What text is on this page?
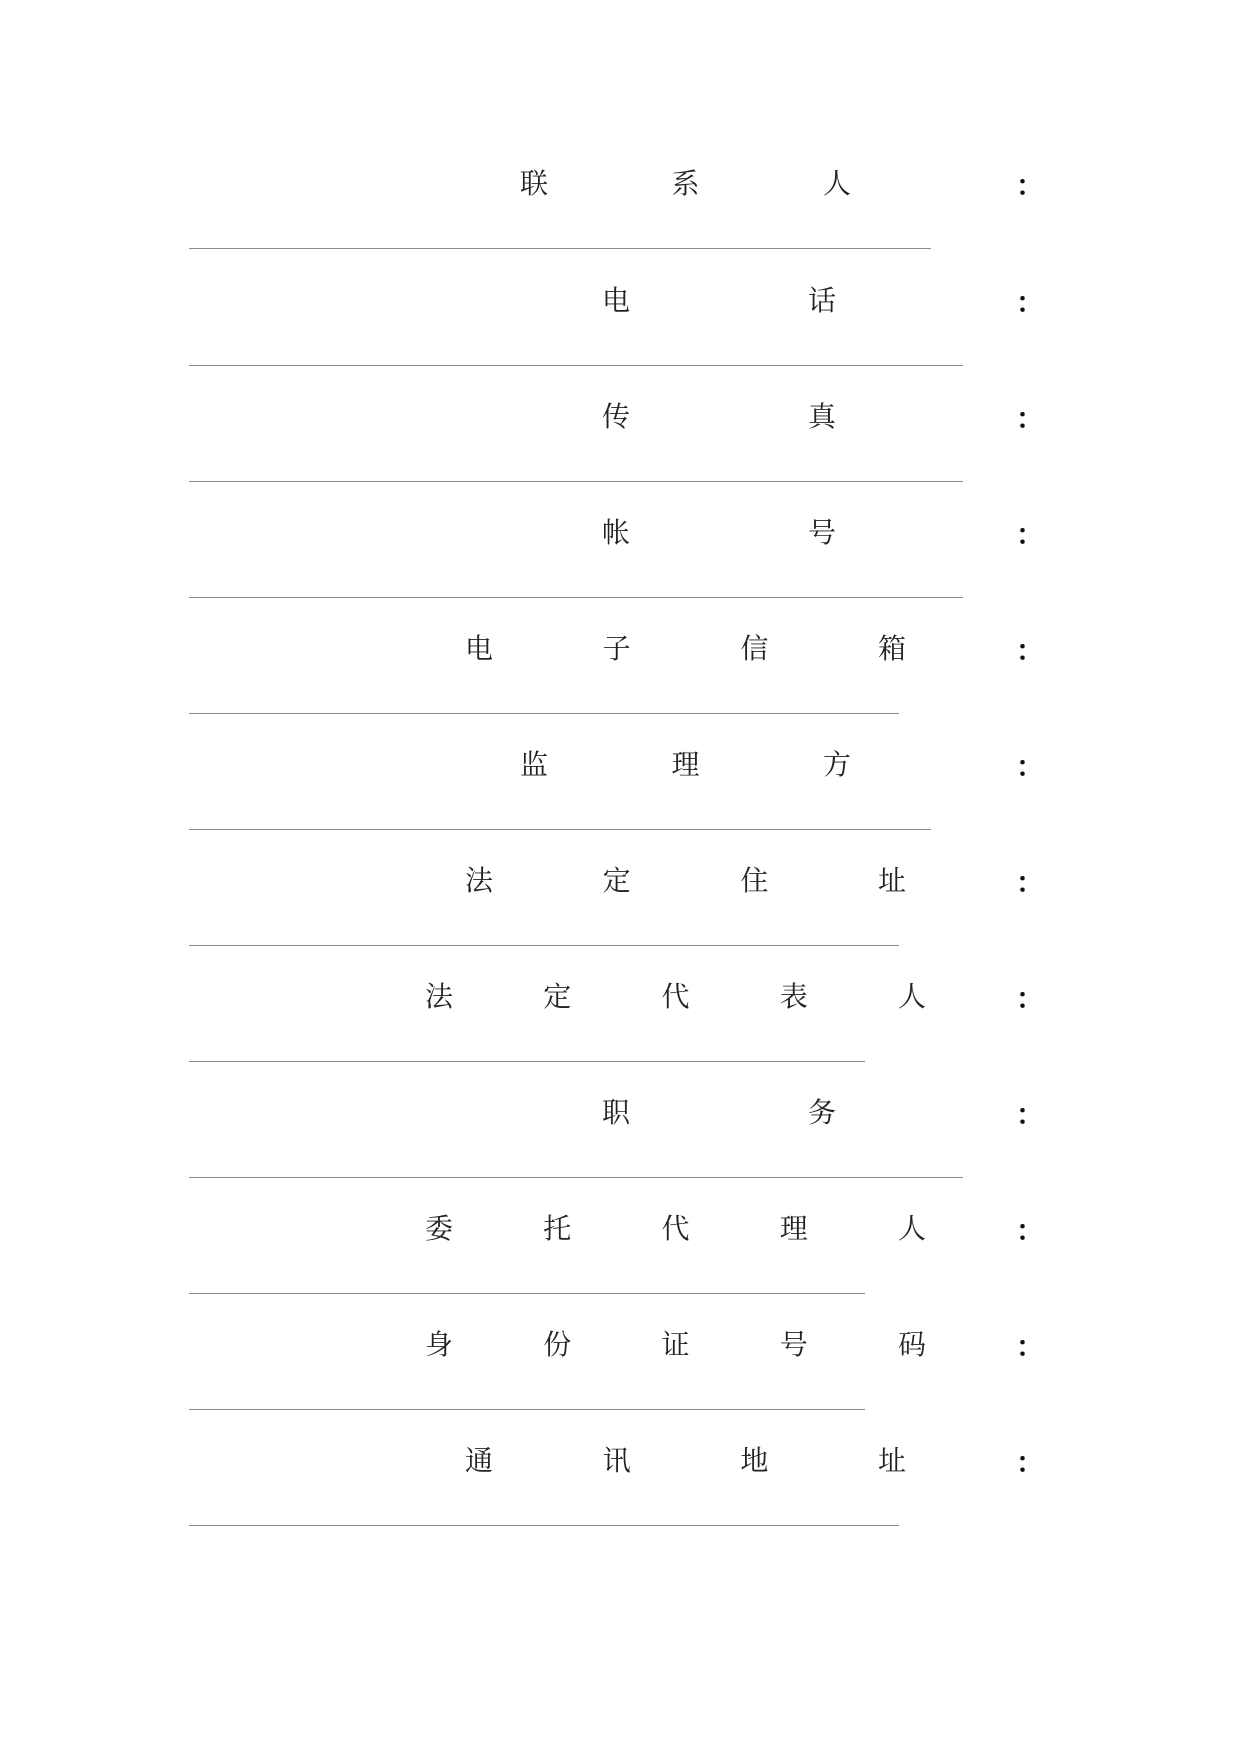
联	系	人	：
电	话	：
传	真	：
帐	号	：
电	子	信	箱	：
监	理	方	：
法	定	住	址	：
法	定	代	表	人	：
职	务	：
委	托	代	理	人	：
身	份	证	号	码	：
通	讯	地	址	：
